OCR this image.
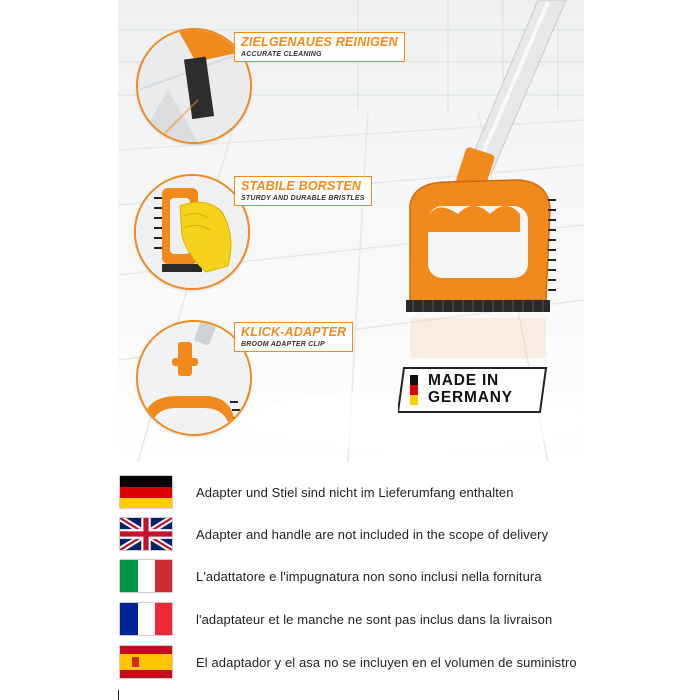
ZIELGENAUES REINIGEN
ACCURATE CLEANING
STABILE BORSTEN
STURDY AND DURABLE BRISTLES
KLICK-ADAPTER
BROOM ADAPTER CLIP
MADE IN
GERMANY
Adapter und Stiel sind nicht im Lieferumfang enthalten
Adapter and handle are not included in the scope of delivery
L'adattatore e l'impugnatura non sono inclusi nella fornitura
l'adaptateur et le manche ne sont pas inclus dans la livraison
El adaptador y el asa no se incluyen en el volumen de suministro
